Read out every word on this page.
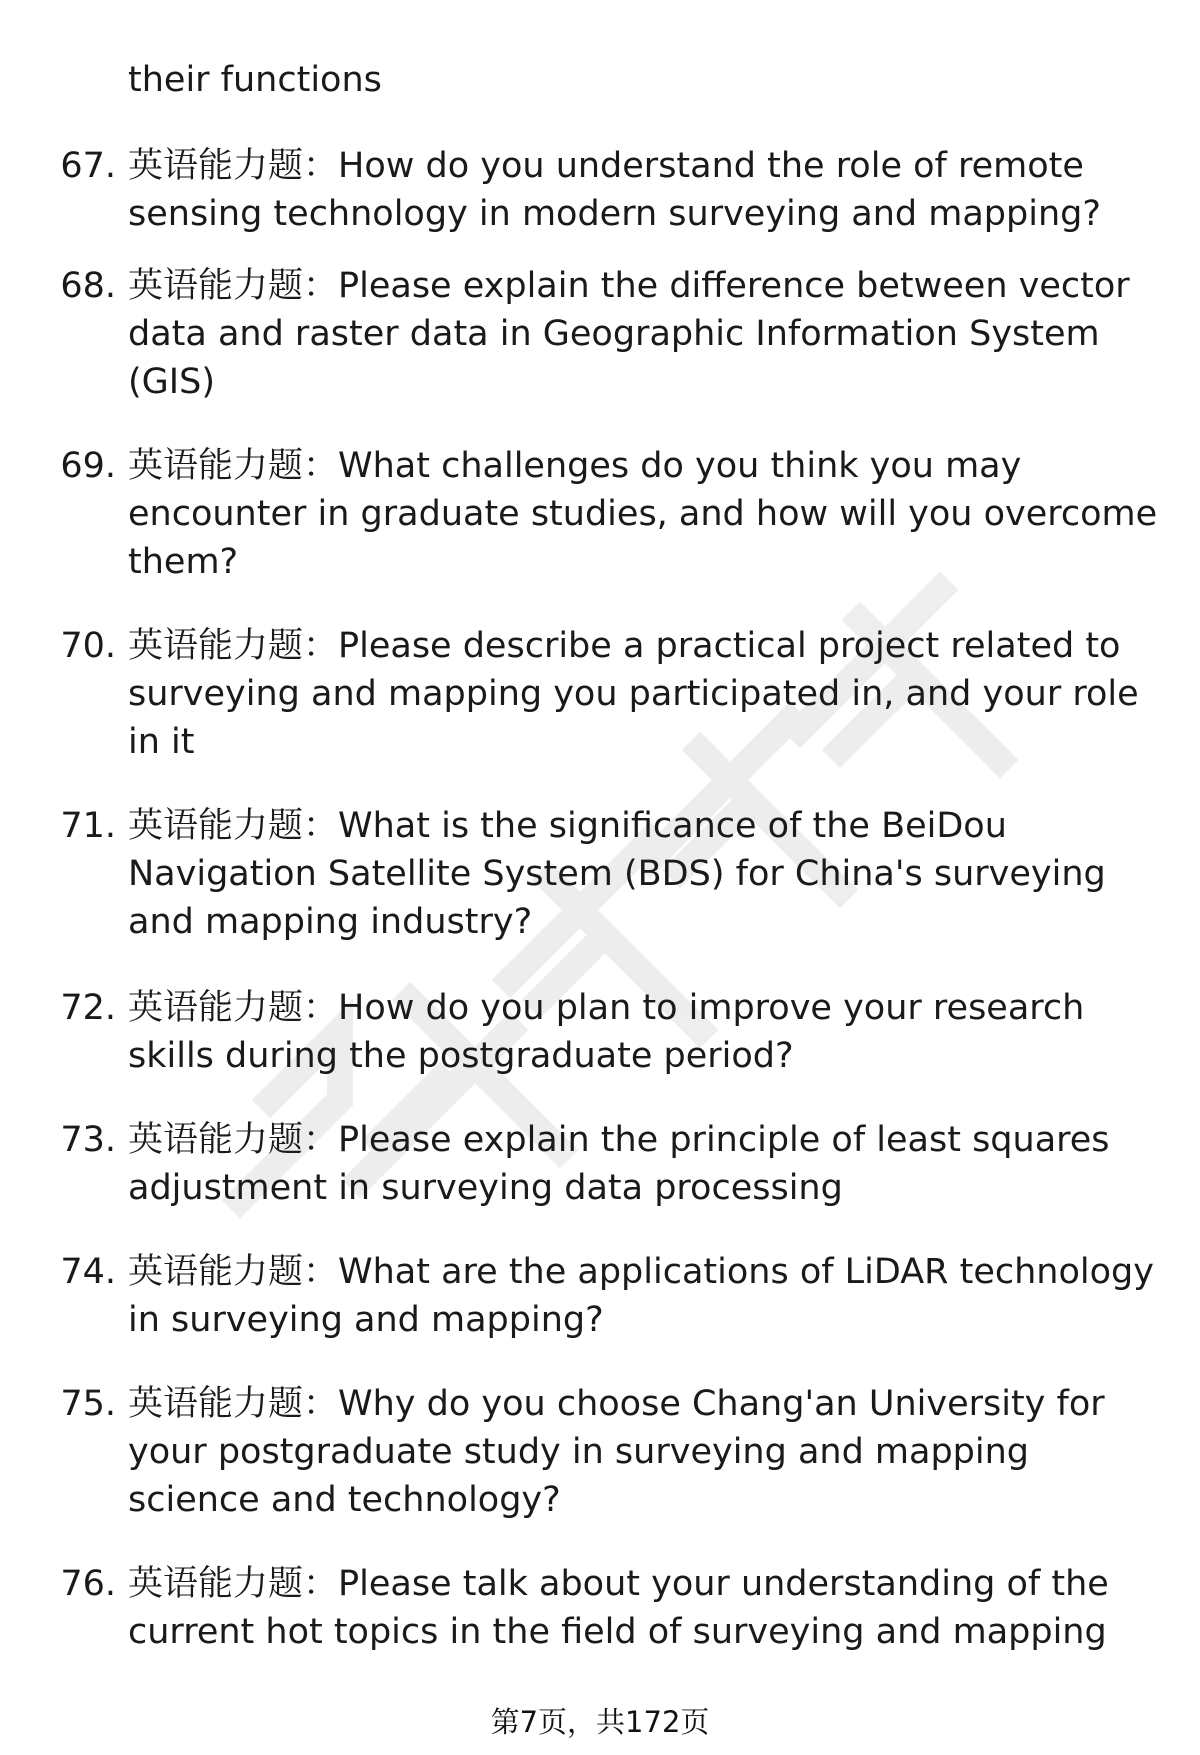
their functions

67. 英语能力题：How do you understand the role of remote sensing technology in modern surveying and mapping?
68. 英语能力题：Please explain the difference between vector data and raster data in Geographic Information System (GIS)
69. 英语能力题：What challenges do you think you may encounter in graduate studies, and how will you overcome them?
70. 英语能力题：Please describe a practical project related to surveying and mapping you participated in, and your role in it
71. 英语能力题：What is the significance of the BeiDou Navigation Satellite System (BDS) for China's surveying and mapping industry?
72. 英语能力题：How do you plan to improve your research skills during the postgraduate period?
73. 英语能力题：Please explain the principle of least squares adjustment in surveying data processing
74. 英语能力题：What are the applications of LiDAR technology in surveying and mapping?
75. 英语能力题：Why do you choose Chang'an University for your postgraduate study in surveying and mapping science and technology?
76. 英语能力题：Please talk about your understanding of the current hot topics in the field of surveying and mapping
第7页，共172页
